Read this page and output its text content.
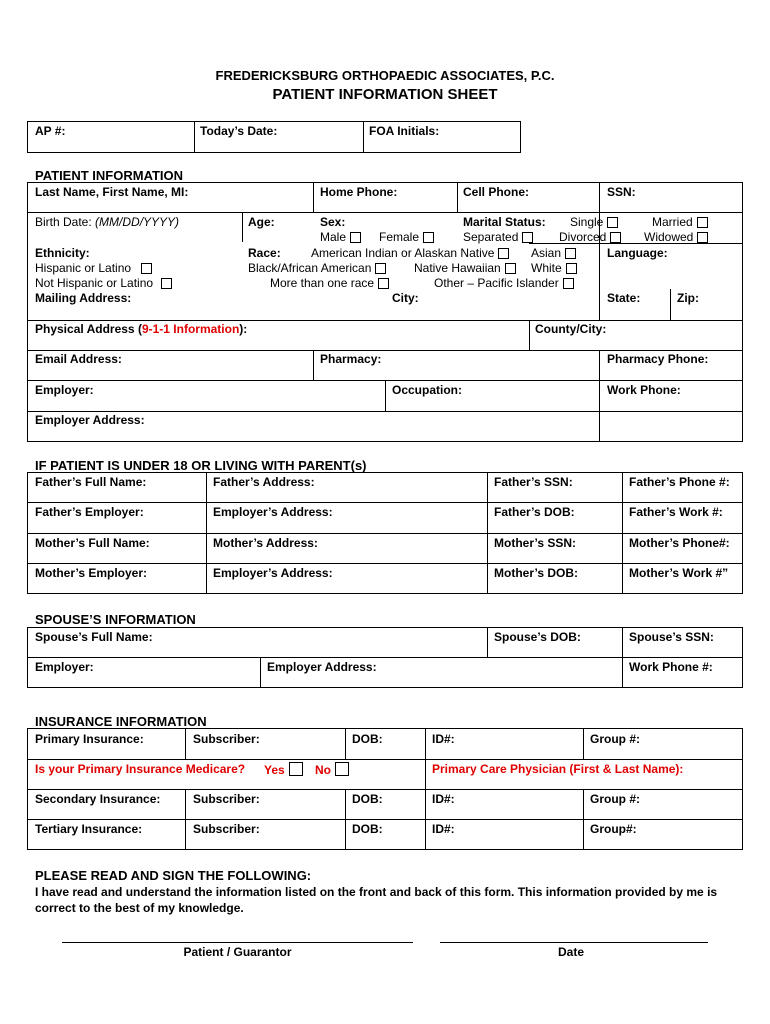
FREDERICKSBURG ORTHOPAEDIC ASSOCIATES, P.C.
PATIENT INFORMATION SHEET
AP #:	Today’s Date:	FOA Initials:
PATIENT INFORMATION
Last Name, First Name, MI:	Home Phone:	Cell Phone:	SSN:
Birth Date: (MM/DD/YYYY)	Age:	Sex:
Male	Female
Marital Status: Single	Married
Separated	Divorced	Widowed
Ethnicity:
Hispanic or Latino
Not Hispanic or Latino
Race:	American Indian or Alaskan Native	Asian
Black/African American	Native Hawaiian	White
More than one race	Other – Pacific Islander
Language:
Mailing Address:	City:	State:	Zip:
Physical Address (9-1-1 Information):	County/City:
Email Address:	Pharmacy:	Pharmacy Phone:
Employer:	Occupation:	Work Phone:
Employer Address:
IF PATIENT IS UNDER 18 OR LIVING WITH PARENT(s)
Father’s Full Name:	Father’s Address:	Father’s SSN:	Father’s Phone #:
Father’s Employer:	Employer’s Address:	Father’s DOB:	Father’s Work #:
Mother’s Full Name:	Mother’s Address:	Mother’s SSN:	Mother’s Phone#:
Mother’s Employer:	Employer’s Address:	Mother’s DOB:	Mother’s Work #”
SPOUSE’S INFORMATION
Spouse’s Full Name:	Spouse’s DOB:	Spouse’s SSN:
Employer:	Employer Address:	Work Phone #:
INSURANCE INFORMATION
Primary Insurance:	Subscriber:	DOB:	ID#:	Group #:
Is your Primary Insurance Medicare? Yes	No	Primary Care Physician (First & Last Name):
Secondary Insurance:	Subscriber:	DOB:	ID#:	Group #:
Tertiary Insurance:	Subscriber:	DOB:	ID#:	Group#:
PLEASE READ AND SIGN THE FOLLOWING:

I have read and understand the information listed on the front and back of this form. This information provided by me is correct to the best of my knowledge.

Patient / Guarantor	Date
